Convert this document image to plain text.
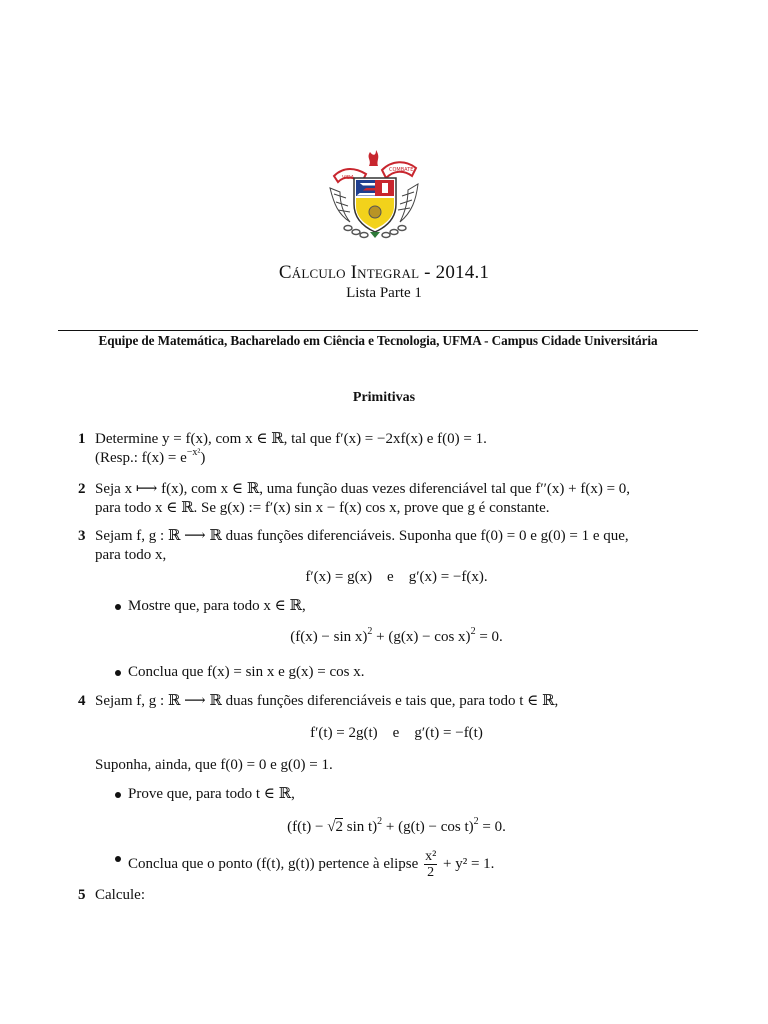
VIDA
COMBATE
Cálculo Integral - 2014.1
Lista Parte 1
Equipe de Matemática, Bacharelado em Ciência e Tecnologia, UFMA - Campus Cidade Universitária
Primitivas
1 Determine y = f(x), com x ∈ ℝ, tal que f′(x) = −2xf(x) e f(0) = 1.
(Resp.: $f(x) = e^{-x^2}$)
2 Seja x ⟼ f(x), com x ∈ ℝ, uma função duas vezes diferenciável tal que f′′(x) + f(x) = 0,
para todo x ∈ ℝ. Se g(x) := f′(x) sin x − f(x) cos x, prove que g é constante.
3 Sejam f, g : ℝ ⟶ ℝ duas funções diferenciáveis. Suponha que f(0) = 0 e g(0) = 1 e que,
para todo x,
f′(x) = g(x)    e    g′(x) = −f(x).
Mostre que, para todo x ∈ ℝ,
$(f(x) - \sin x)^2 + (g(x) - \cos x)^2 = 0$.
Conclua que f(x) = sin x e g(x) = cos x.
4 Sejam f, g : ℝ ⟶ ℝ duas funções diferenciáveis e tais que, para todo t ∈ ℝ,
f′(t) = 2g(t)    e    g′(t) = −f(t)
Suponha, ainda, que f(0) = 0 e g(0) = 1.
Prove que, para todo t ∈ ℝ,
(f(t) − √2 $\sin t)^2 + (g(t) - \cos t)^2 = 0$.
Conclua que o ponto (f(t), g(t)) pertence à elipse $\frac{\text{x²}}{2} + y^2 = 1$.
5 Calcule:
